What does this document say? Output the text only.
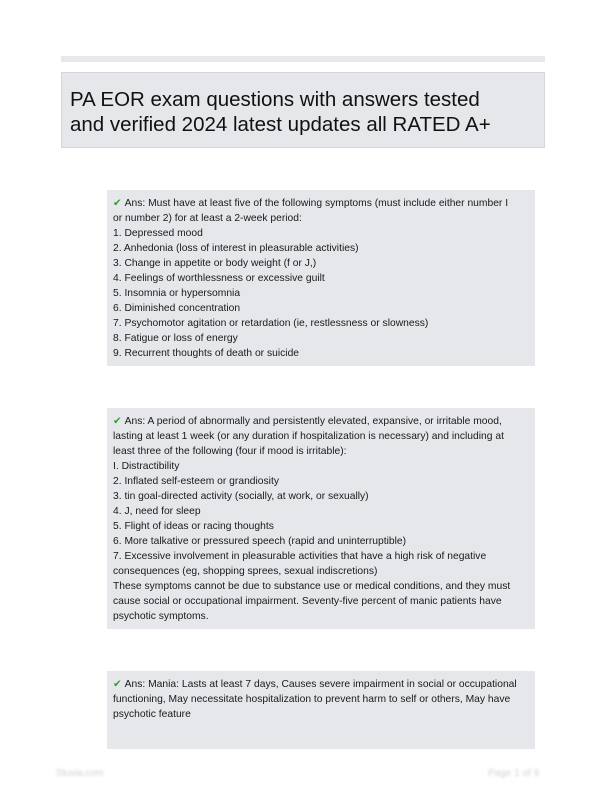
PA EOR exam questions with answers tested

and verified 2024 latest updates all RATED A+

✔ Ans: Must have at least five of the following symptoms (must include either number I

or number 2) for at least a 2-week period:

1. Depressed mood

2. Anhedonia (loss of interest in pleasurable activities)

3. Change in appetite or body weight (f or J,)

4. Feelings of worthlessness or excessive guilt

5. Insomnia or hypersomnia

6. Diminished concentration

7. Psychomotor agitation or retardation (ie, restlessness or slowness)

8. Fatigue or loss of energy

9. Recurrent thoughts of death or suicide

✔ Ans: A period of abnormally and persistently elevated, expansive, or irritable mood,

lasting at least 1 week (or any duration if hospitalization is necessary) and including at

least three of the following (four if mood is irritable):

I. Distractibility

2. Inflated self-esteem or grandiosity

3. tin goal-directed activity (socially, at work, or sexually)

4. J, need for sleep

5. Flight of ideas or racing thoughts

6. More talkative or pressured speech (rapid and uninterruptible)

7. Excessive involvement in pleasurable activities that have a high risk of negative

consequences (eg, shopping sprees, sexual indiscretions)

These symptoms cannot be due to substance use or medical conditions, and they must

cause social or occupational impairment. Seventy-five percent of manic patients have

psychotic symptoms.

✔ Ans: Mania: Lasts at least 7 days, Causes severe impairment in social or occupational

functioning, May necessitate hospitalization to prevent harm to self or others, May have

psychotic feature

Stuvia.com	Page 1 of 9
